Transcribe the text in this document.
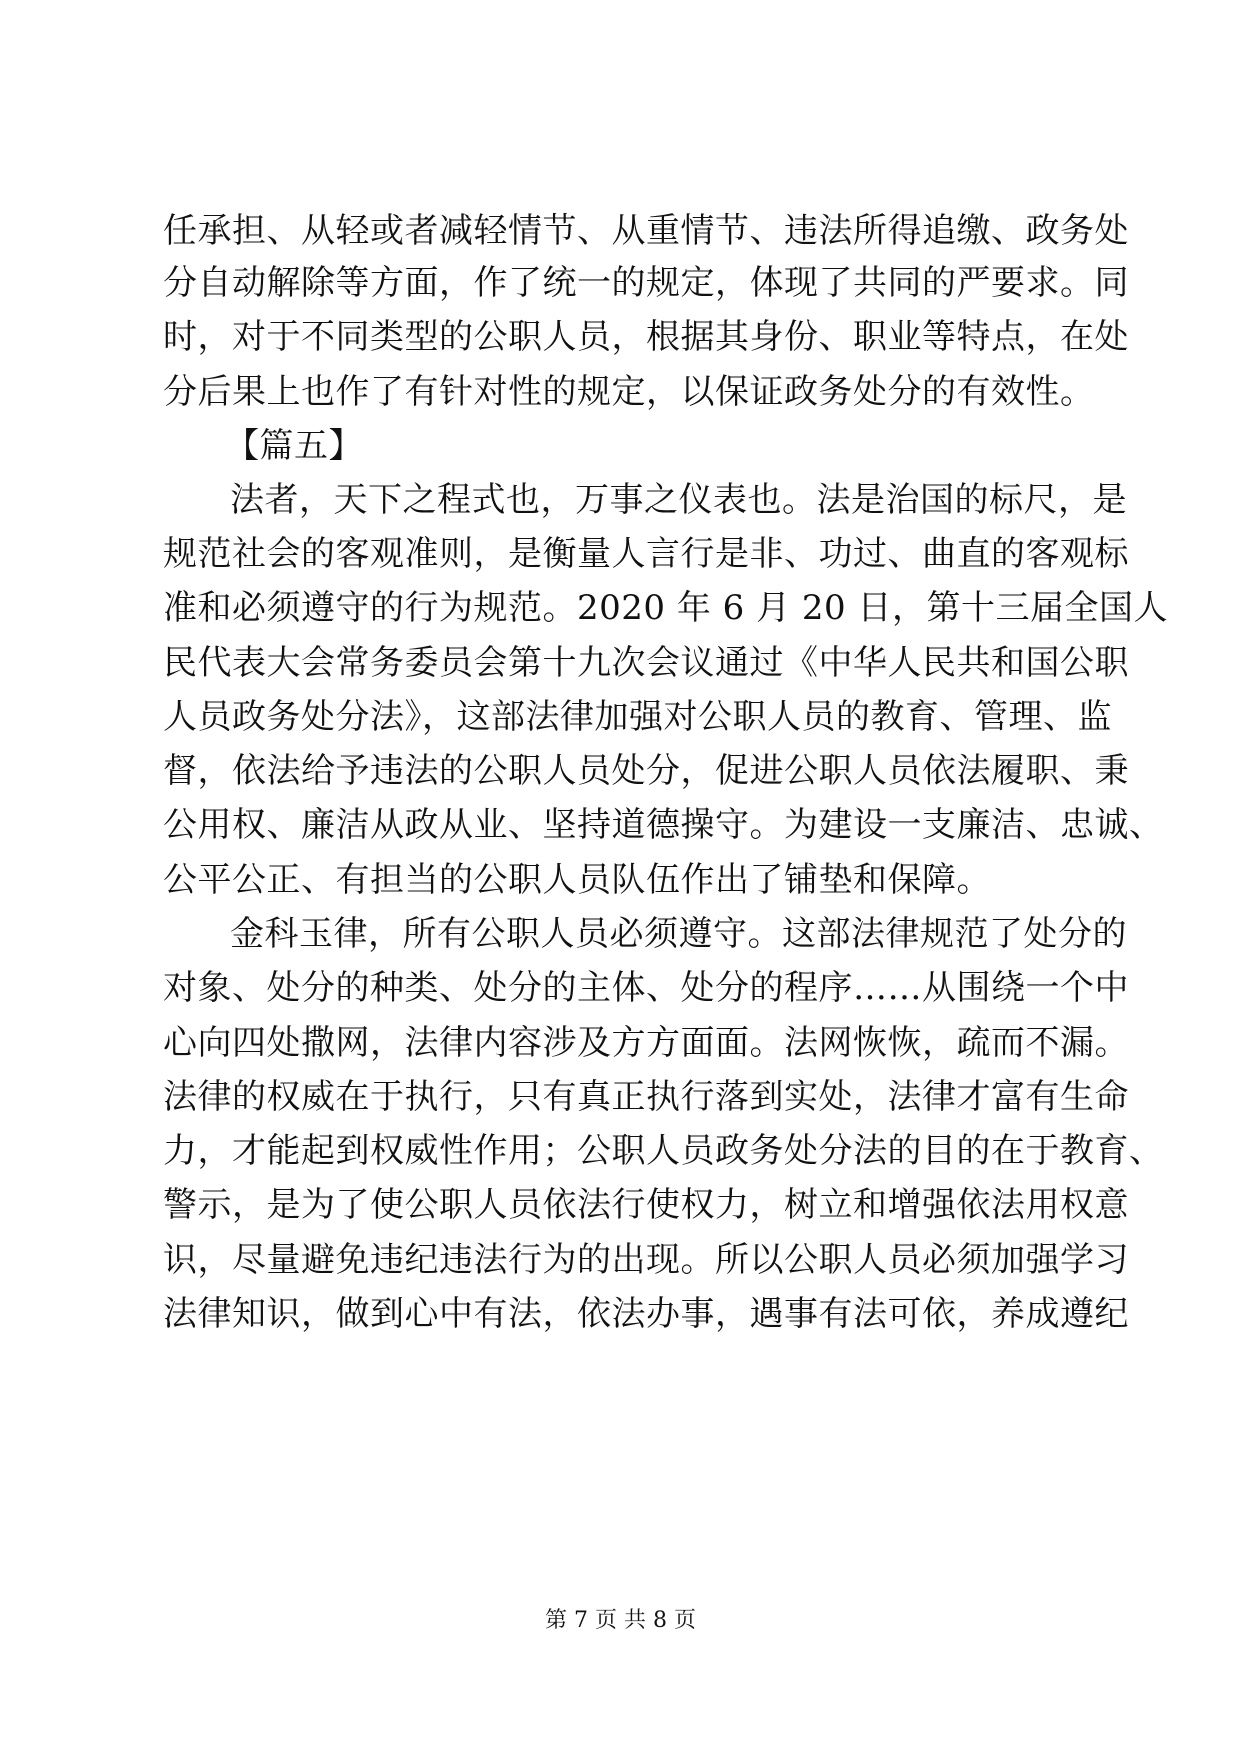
任承担、从轻或者减轻情节、从重情节、违法所得追缴、政务处
分自动解除等方面，作了统一的规定，体现了共同的严要求。同
时，对于不同类型的公职人员，根据其身份、职业等特点，在处
分后果上也作了有针对性的规定，以保证政务处分的有效性。
【篇五】
法者，天下之程式也，万事之仪表也。法是治国的标尺，是
规范社会的客观准则，是衡量人言行是非、功过、曲直的客观标
准和必须遵守的行为规范。2020 年 6 月 20 日，第十三届全国人
民代表大会常务委员会第十九次会议通过《中华人民共和国公职
人员政务处分法》，这部法律加强对公职人员的教育、管理、监
督，依法给予违法的公职人员处分，促进公职人员依法履职、秉
公用权、廉洁从政从业、坚持道德操守。为建设一支廉洁、忠诚、
公平公正、有担当的公职人员队伍作出了铺垫和保障。
金科玉律，所有公职人员必须遵守。这部法律规范了处分的
对象、处分的种类、处分的主体、处分的程序……从围绕一个中
心向四处撒网，法律内容涉及方方面面。法网恢恢，疏而不漏。
法律的权威在于执行，只有真正执行落到实处，法律才富有生命
力，才能起到权威性作用；公职人员政务处分法的目的在于教育、
警示，是为了使公职人员依法行使权力，树立和增强依法用权意
识，尽量避免违纪违法行为的出现。所以公职人员必须加强学习
法律知识，做到心中有法，依法办事，遇事有法可依，养成遵纪
第 7 页 共 8 页
